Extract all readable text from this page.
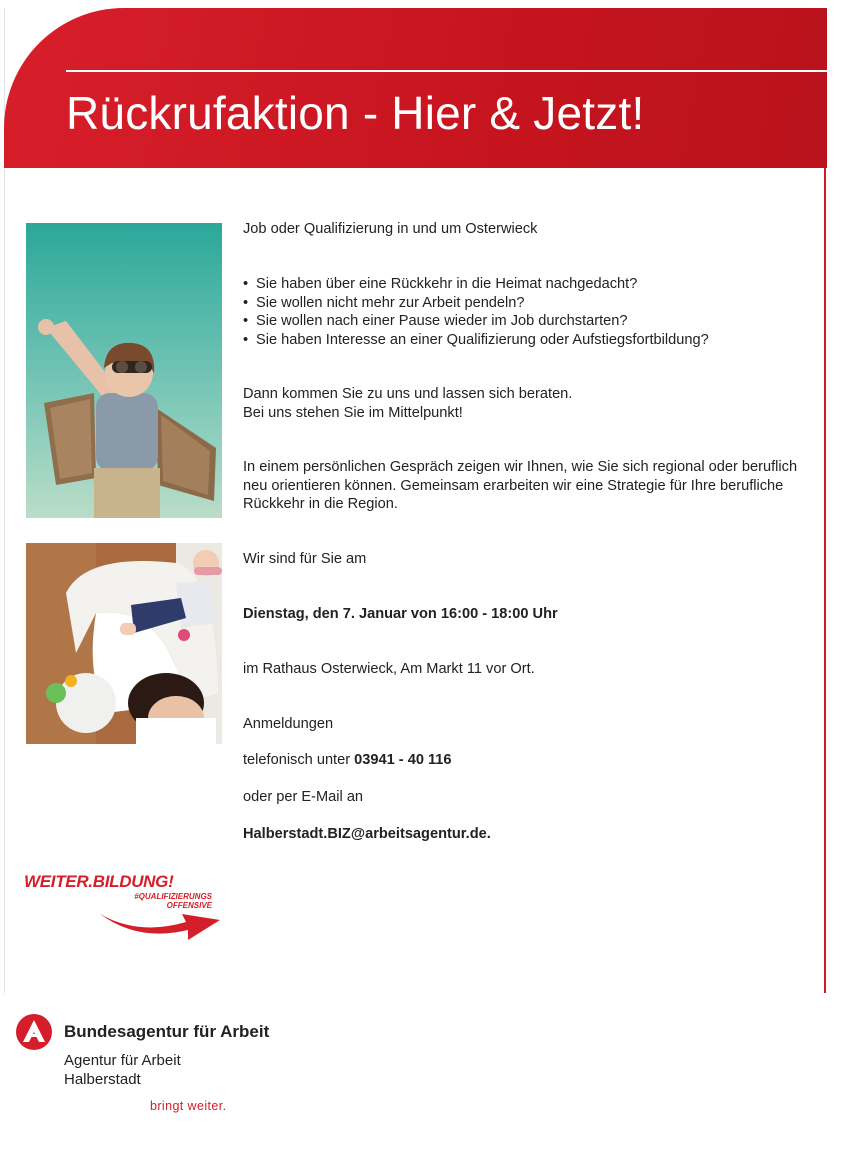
Rückrufaktion - Hier & Jetzt!

Job oder Qualifizierung in und um Osterwieck

• Sie haben über eine Rückkehr in die Heimat nachgedacht?
• Sie wollen nicht mehr zur Arbeit pendeln?
• Sie wollen nach einer Pause wieder im Job durchstarten?
• Sie haben Interesse an einer Qualifizierung oder Aufstiegsfortbildung?

Dann kommen Sie zu uns und lassen sich beraten.

Bei uns stehen Sie im Mittelpunkt!

In einem persönlichen Gespräch zeigen wir Ihnen, wie Sie sich regional oder beruflich neu orientieren können. Gemeinsam erarbeiten wir eine Strategie für Ihre berufliche Rückkehr in die Region.

Wir sind für Sie am
Dienstag, den 7. Januar von 16:00 - 18:00 Uhr
im Rathaus Osterwieck, Am Markt 11 vor Ort.
Anmeldungen
telefonisch unter 03941 - 40 116
oder per E-Mail an
Halberstadt.BIZ@arbeitsagentur.de.
WEITER.BILDUNG!
#QUALIFIZIERUNGS
OFFENSIVE
Bundesagentur für Arbeit
Agentur für Arbeit
Halberstadt
bringt weiter.
